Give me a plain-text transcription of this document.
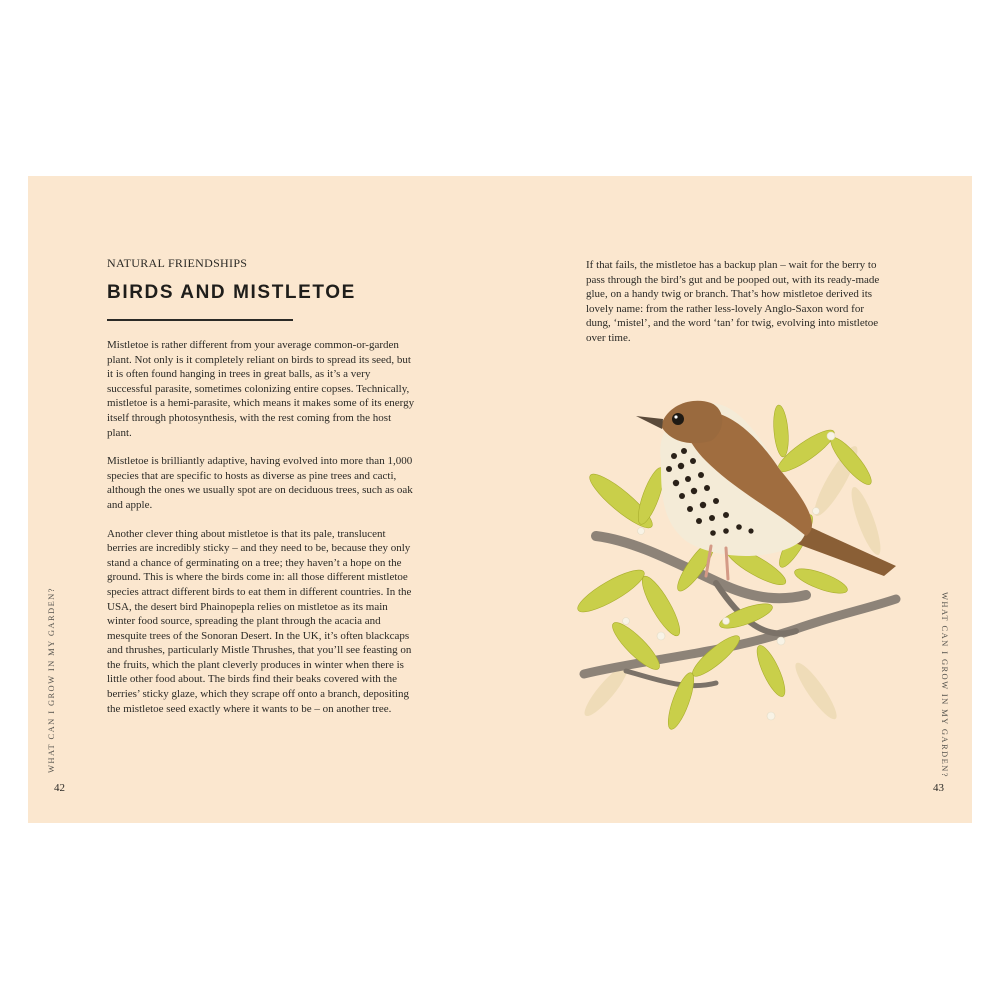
NATURAL FRIENDSHIPS
BIRDS AND MISTLETOE

Mistletoe is rather different from your average common-or-garden plant. Not only is it completely reliant on birds to spread its seed, but it is often found hanging in trees in great balls, as it’s a very successful parasite, sometimes colonizing entire copses. Technically, mistletoe is a hemi-parasite, which means it makes some of its energy itself through photosynthesis, with the rest coming from the host plant.

Mistletoe is brilliantly adaptive, having evolved into more than 1,000 species that are specific to hosts as diverse as pine trees and cacti, although the ones we usually spot are on deciduous trees, such as oak and apple.

Another clever thing about mistletoe is that its pale, translucent berries are incredibly sticky – and they need to be, because they only stand a chance of germinating on a tree; they haven’t a hope on the ground. This is where the birds come in: all those different mistletoe species attract different birds to eat them in different countries. In the USA, the desert bird Phainopepla relies on mistletoe as its main winter food source, spreading the plant through the acacia and mesquite trees of the Sonoran Desert. In the UK, it’s often blackcaps and thrushes, particularly Mistle Thrushes, that you’ll see feasting on the fruits, which the plant cleverly produces in winter when there is little other food about. The birds find their beaks covered with the berries’ sticky glaze, which they scrape off onto a branch, depositing the mistletoe seed exactly where it wants to be – on another tree.

WHAT CAN I GROW IN MY GARDEN?
42

If that fails, the mistletoe has a backup plan – wait for the berry to pass through the bird’s gut and be pooped out, with its ready-made glue, on a handy twig or branch. That’s how mistletoe derived its lovely name: from the rather less-lovely Anglo-Saxon word for dung, ‘mistel’, and the word ‘tan’ for twig, evolving into mistletoe over time.

WHAT CAN I GROW IN MY GARDEN?
43
